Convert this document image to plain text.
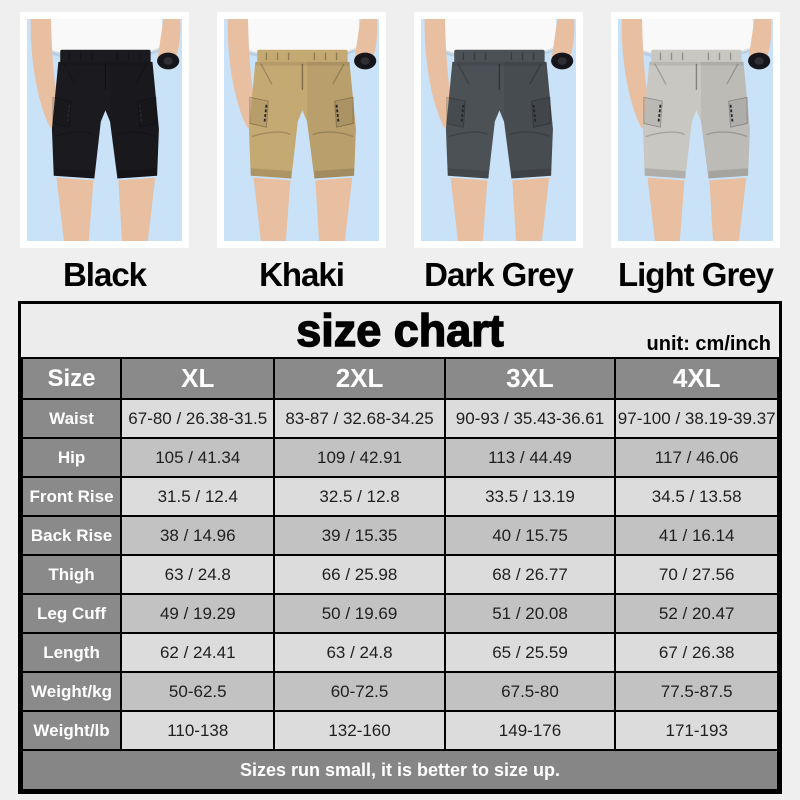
Black	Khaki	Dark Grey	Light Grey
size chart	unit: cm/inch
Size	XL	2XL	3XL	4XL
Waist	67-80 / 26.38-31.5	83-87 / 32.68-34.25	90-93 / 35.43-36.61	97-100 / 38.19-39.37
Hip	105 / 41.34	109 / 42.91	113 / 44.49	117 / 46.06
Front Rise	31.5 / 12.4	32.5 / 12.8	33.5 / 13.19	34.5 / 13.58
Back Rise	38 / 14.96	39 / 15.35	40 / 15.75	41 / 16.14
Thigh	63 / 24.8	66 / 25.98	68 / 26.77	70 / 27.56
Leg Cuff	49 / 19.29	50 / 19.69	51 / 20.08	52 / 20.47
Length	62 / 24.41	63 / 24.8	65 / 25.59	67 / 26.38
Weight/kg	50-62.5	60-72.5	67.5-80	77.5-87.5
Weight/lb	110-138	132-160	149-176	171-193
Sizes run small, it is better to size up.				
